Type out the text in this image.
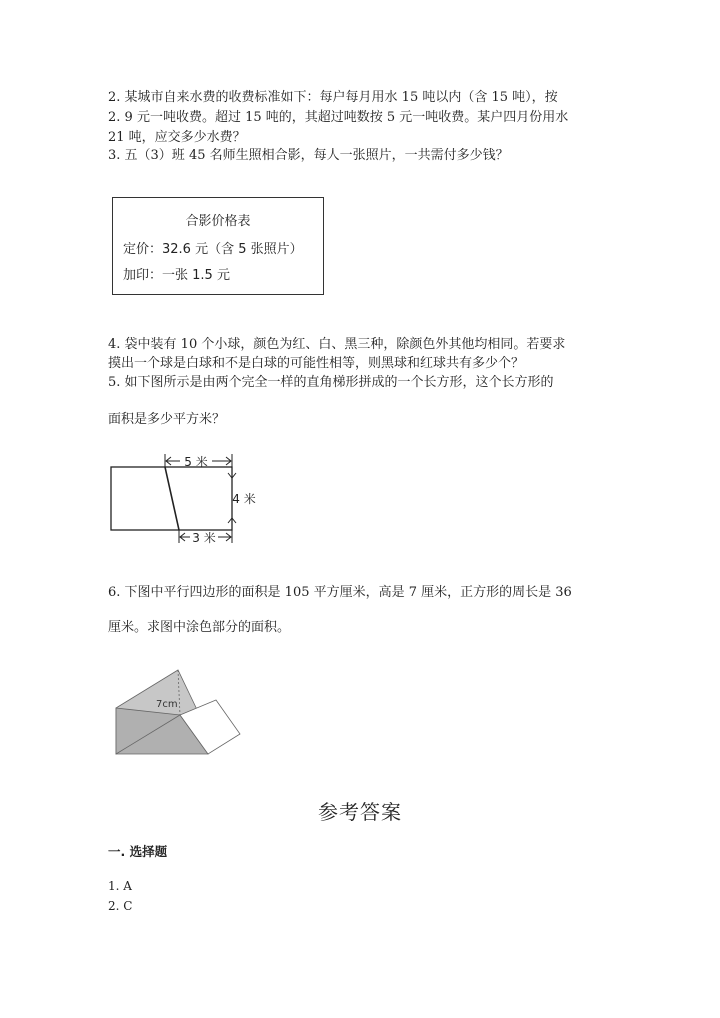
2. 某城市自来水费的收费标准如下：每户每月用水 15 吨以内（含 15 吨），按

2. 9 元一吨收费。超过 15 吨的，其超过吨数按 5 元一吨收费。某户四月份用水

21 吨，应交多少水费？

3. 五（3）班 45 名师生照相合影，每人一张照片，一共需付多少钱？

合影价格表
定价：32.6 元（含 5 张照片）
加印：一张 1.5 元

4. 袋中装有 10 个小球，颜色为红、白、黑三种，除颜色外其他均相同。若要求

摸出一个球是白球和不是白球的可能性相等，则黑球和红球共有多少个？

5. 如下图所示是由两个完全一样的直角梯形拼成的一个长方形，这个长方形的

面积是多少平方米？

5 米
4 米
3 米

6. 下图中平行四边形的面积是 105 平方厘米，高是 7 厘米，正方形的周长是 36

厘米。求图中涂色部分的面积。

7cm
参考答案
一. 选择题
1. A
2. C
